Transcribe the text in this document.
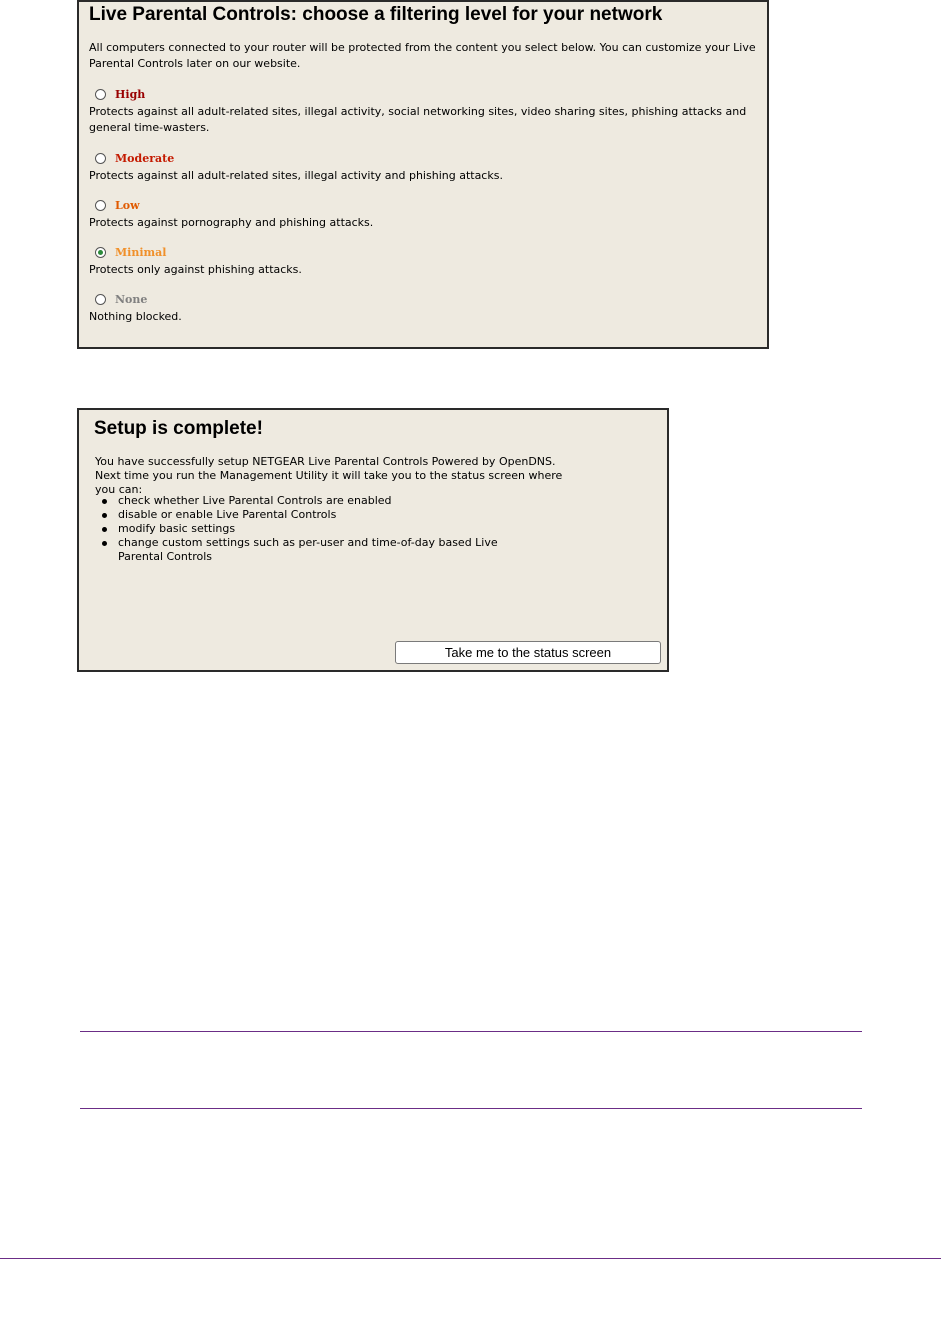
Live Parental Controls: choose a filtering level for your network
All computers connected to your router will be protected from the content you select below. You can customize your Live Parental Controls later on our website.
High
Protects against all adult-related sites, illegal activity, social networking sites, video sharing sites, phishing attacks and general time-wasters.
Moderate
Protects against all adult-related sites, illegal activity and phishing attacks.
Low
Protects against pornography and phishing attacks.
Minimal
Protects only against phishing attacks.
None
Nothing blocked.
Setup is complete!
You have successfully setup NETGEAR Live Parental Controls Powered by OpenDNS. Next time you run the Management Utility it will take you to the status screen where you can:
check whether Live Parental Controls are enabled
disable or enable Live Parental Controls
modify basic settings
change custom settings such as per-user and time-of-day based Live Parental Controls
Take me to the status screen
